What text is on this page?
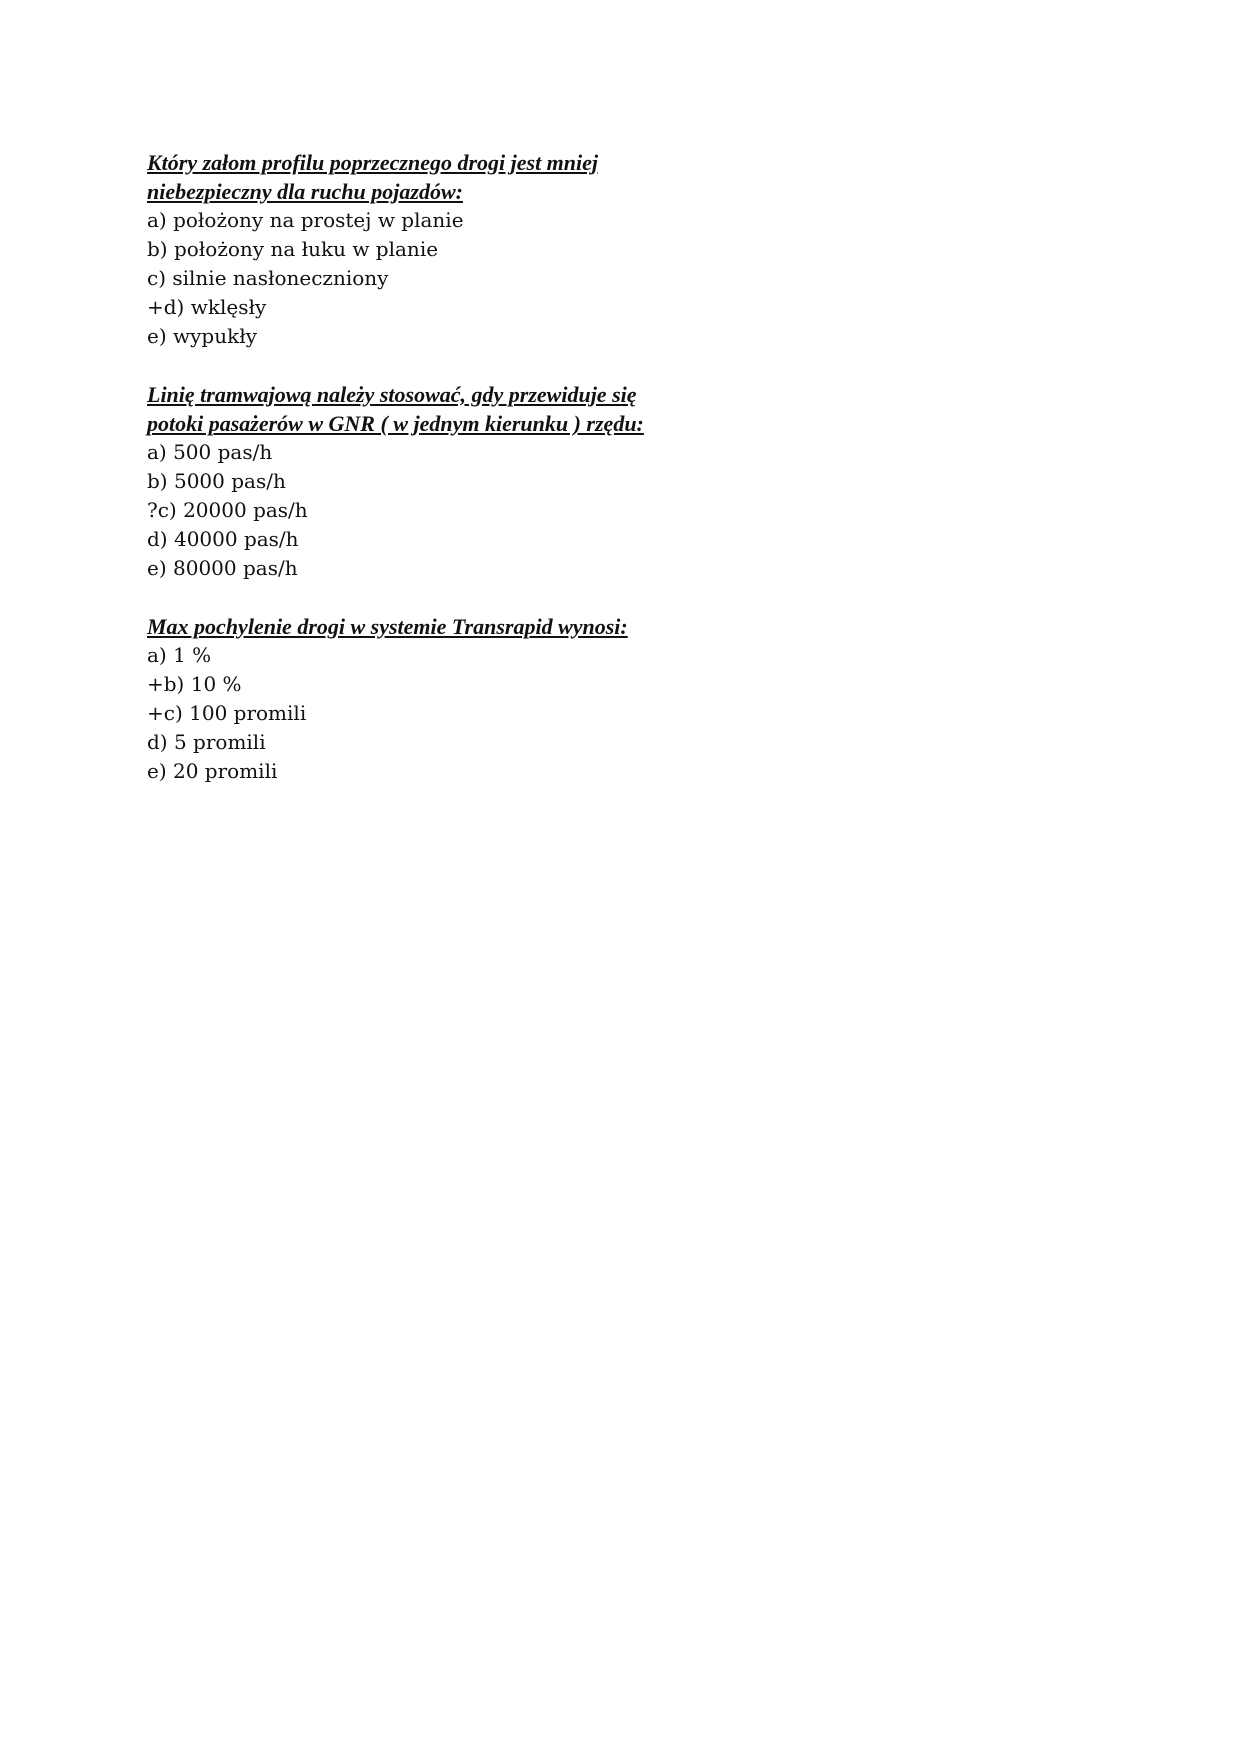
Który załom profilu poprzecznego drogi jest mniej niebezpieczny dla ruchu pojazdów:

a) położony na prostej w planie
b) położony na łuku w planie
c) silnie nasłoneczniony
+d) wklęsły
e) wypukły

Linię tramwajową należy stosować, gdy przewiduje się potoki pasażerów w GNR ( w jednym kierunku ) rzędu:

a) 500 pas/h
b) 5000 pas/h
?c) 20000 pas/h
d) 40000 pas/h
e) 80000 pas/h

Max pochylenie drogi w systemie Transrapid wynosi:

a) 1 %
+b) 10 %
+c) 100 promili
d) 5 promili
e) 20 promili
